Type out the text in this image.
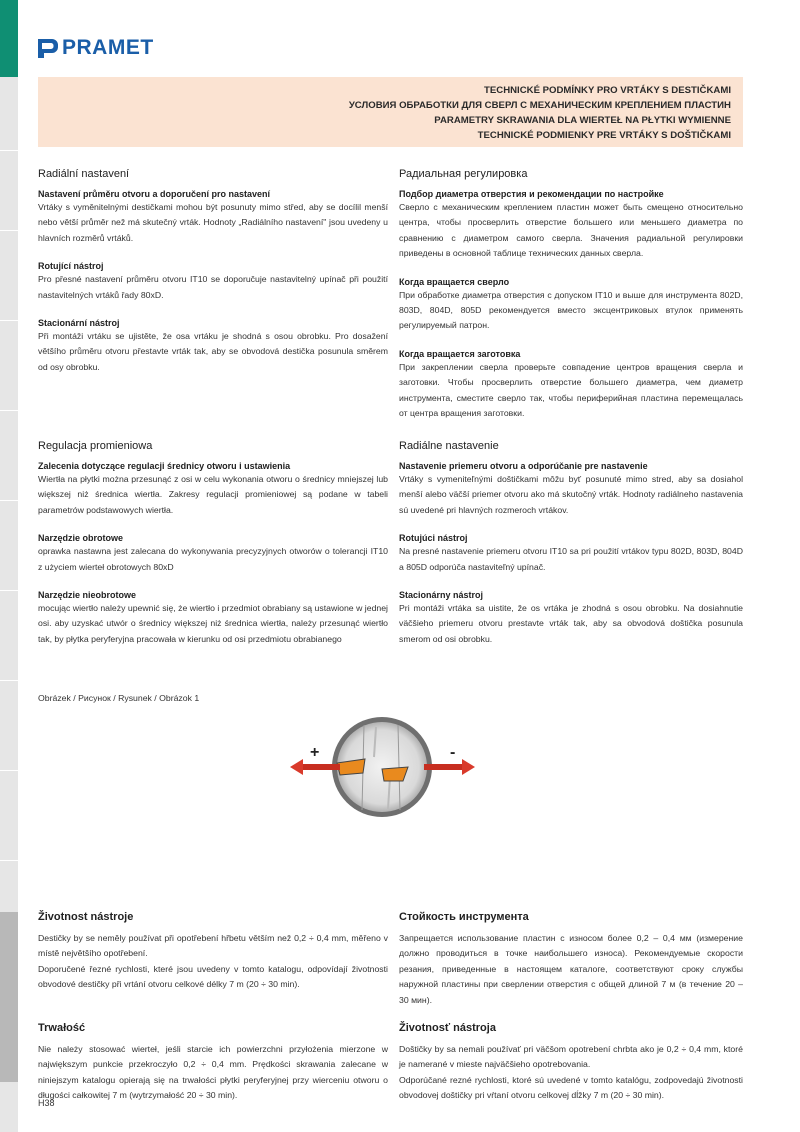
PRAMET
TECHNICKÉ PODMÍNKY PRO VRTÁKY S DESTIČKAMI
УСЛОВИЯ ОБРАБОТКИ ДЛЯ СВЕРЛ С МЕХАНИЧЕСКИМ КРЕПЛЕНИЕМ ПЛАСТИН
PARAMETRY SKRAWANIA DLA WIERTEŁ NA PŁYTKI WYMIENNE
TECHNICKÉ PODMIENKY PRE VRTÁKY S DOŠTIČKAMI
Radiální nastavení
Nastavení průměru otvoru a doporučení pro nastavení

Vrtáky s vyměnitelnými destičkami mohou být posunuty mimo střed, aby se docílil menší nebo větší průměr než má skutečný vrták. Hodnoty „Radiálního nastavení" jsou uvedeny u hlavních rozměrů vrtáků.

Rotující nástroj

Pro přesné nastavení průměru otvoru IT10 se doporučuje nastavitelný upínač při použití nastavitelných vrtáků řady 80xD.

Stacionární nástroj

Při montáži vrtáku se ujistěte, že osa vrtáku je shodná s osou obrobku. Pro dosažení většího průměru otvoru přestavte vrták tak, aby se obvodová destička posunula směrem od osy obrobku.

Радиальная регулировка
Подбор диаметра отверстия и рекомендации по настройке

Сверло с механическим креплением пластин может быть смещено относительно центра, чтобы просверлить отверстие большего или меньшего диаметра по сравнению с диаметром самого сверла. Значения радиальной регулировки приведены в основной таблице технических данных сверла.

Когда вращается сверло

При обработке диаметра отверстия с допуском IT10 и выше для инструмента 802D, 803D, 804D, 805D рекомендуется вместо эксцентриковых втулок применять регулируемый патрон.

Когда вращается заготовка

При закреплении сверла проверьте совпадение центров вращения сверла и заготовки. Чтобы просверлить отверстие большего диаметра, чем диаметр инструмента, сместите сверло так, чтобы периферийная пластина перемещалась от центра вращения заготовки.

Regulacja promieniowa
Zalecenia dotyczące regulacji średnicy otworu i ustawienia

Wiertła na płytki można przesunąć z osi w celu wykonania otworu o średnicy mniejszej lub większej niż średnica wiertła. Zakresy regulacji promieniowej są podane w tabeli parametrów podstawowych wiertła.

Narzędzie obrotowe

oprawka nastawna jest zalecana do wykonywania precyzyjnych otworów o tolerancji IT10 z użyciem wierteł obrotowych 80xD

Narzędzie nieobrotowe

mocując wiertło należy upewnić się, że wiertło i przedmiot obrabiany są ustawione w jednej osi. aby uzyskać utwór o średnicy większej niż średnica wiertła, należy przesunąć wiertło tak, by płytka peryferyjna pracowała w kierunku od osi przedmiotu obrabianego

Radiálne nastavenie
Nastavenie priemeru otvoru a odporúčanie pre nastavenie

Vrtáky s vymeniteľnými doštičkami môžu byť posunuté mimo stred, aby sa dosiahol menší alebo väčší priemer otvoru ako má skutočný vrták. Hodnoty radiálneho nastavenia sú uvedené pri hlavných rozmeroch vrtákov.

Rotujúci nástroj

Na presné nastavenie priemeru otvoru IT10 sa pri použití vrtákov typu 802D, 803D, 804D a 805D odporúča nastaviteľný upínač.

Stacionárny nástroj

Pri montáži vrtáka sa uistite, že os vrtáka je zhodná s osou obrobku. Na dosiahnutie väčšieho priemeru otvoru prestavte vrták tak, aby sa obvodová doštička posunula smerom od osi obrobku.

Obrázek / Рисунок / Rysunek / Obrázok 1
+	-
Životnost nástroje

Destičky by se neměly používat při opotřebení hřbetu větším než 0,2 ÷ 0,4 mm, měřeno v místě největšího opotřebení.

Doporučené řezné rychlosti, které jsou uvedeny v tomto katalogu, odpovídají životnosti obvodové destičky při vrtání otvoru celkové délky 7 m (20 ÷ 30 min).

Стойкость инструмента

Запрещается использование пластин с износом более 0,2 – 0,4 мм (измерение должно проводиться в точке наибольшего износа). Рекомендуемые скорости резания, приведенные в настоящем каталоге, соответствуют сроку службы наружной пластины при сверлении отверстия с общей длиной 7 м (в течение 20 – 30 мин).

Trwałość

Nie należy stosować wierteł, jeśli starcie ich powierzchni przyłożenia mierzone w największym punkcie przekroczyło 0,2 ÷ 0,4 mm. Prędkości skrawania zalecane w niniejszym katalogu opierają się na trwałości płytki peryferyjnej przy wierceniu otworu o długości całkowitej 7 m (wytrzymałość 20 ÷ 30 min).

Životnosť nástroja

Doštičky by sa nemali používať pri väčšom opotrebení chrbta ako je 0,2 ÷ 0,4 mm, ktoré je namerané v mieste najväčšieho opotrebovania.

Odporúčané rezné rychlosti, ktoré sú uvedené v tomto katalógu, zodpovedajú životnosti obvodovej doštičky pri vŕtaní otvoru celkovej dĺžky 7 m (20 ÷ 30 min).

H38
